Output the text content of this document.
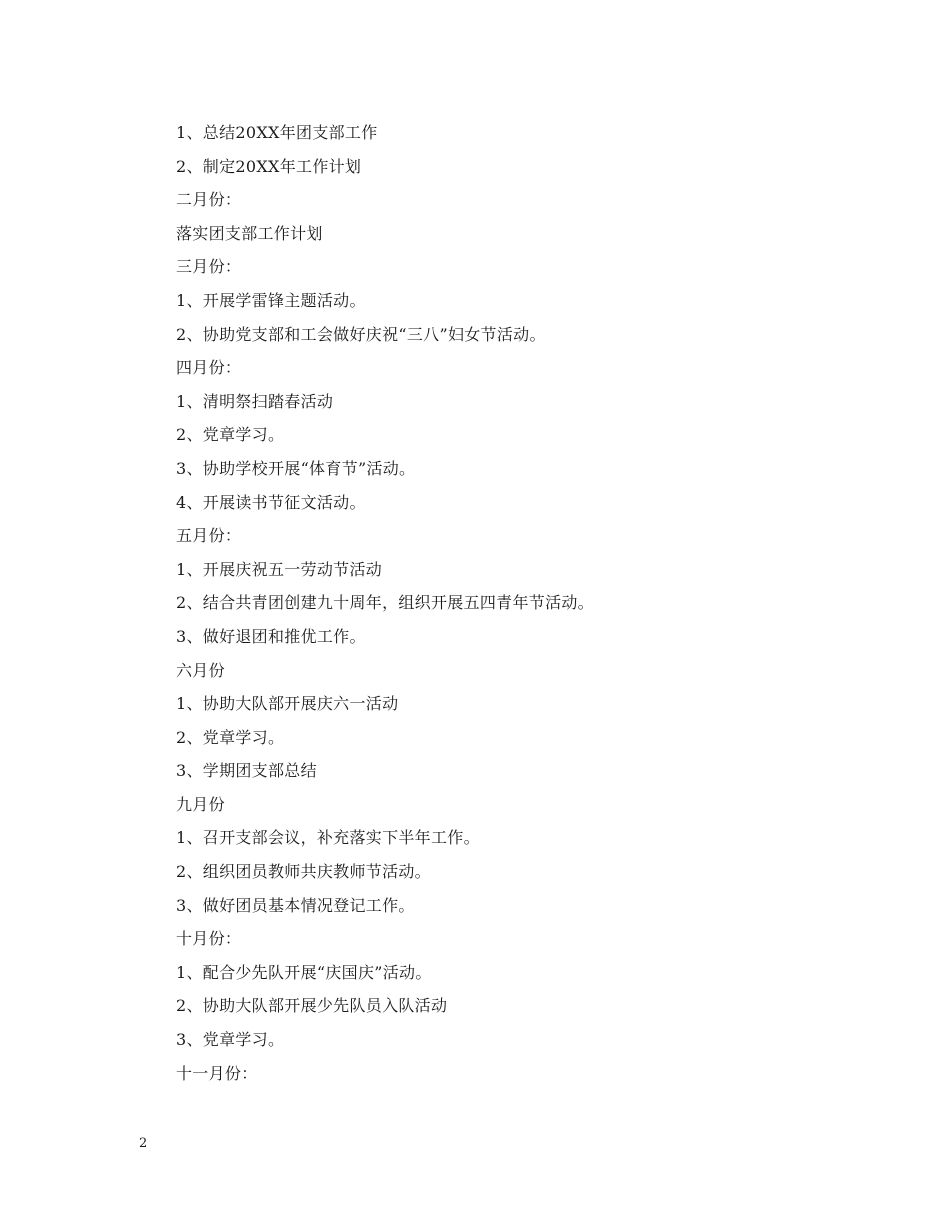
1、总结20XX年团支部工作
2、制定20XX年工作计划
二月份：
落实团支部工作计划
三月份：
1、开展学雷锋主题活动。
2、协助党支部和工会做好庆祝“三八”妇女节活动。
四月份：
1、清明祭扫踏春活动
2、党章学习。
3、协助学校开展“体育节”活动。
4、开展读书节征文活动。
五月份：
1、开展庆祝五一劳动节活动
2、结合共青团创建九十周年，组织开展五四青年节活动。
3、做好退团和推优工作。
六月份
1、协助大队部开展庆六一活动
2、党章学习。
3、学期团支部总结
九月份
1、召开支部会议，补充落实下半年工作。
2、组织团员教师共庆教师节活动。
3、做好团员基本情况登记工作。
十月份：
1、配合少先队开展“庆国庆”活动。
2、协助大队部开展少先队员入队活动
3、党章学习。
十一月份：
2
